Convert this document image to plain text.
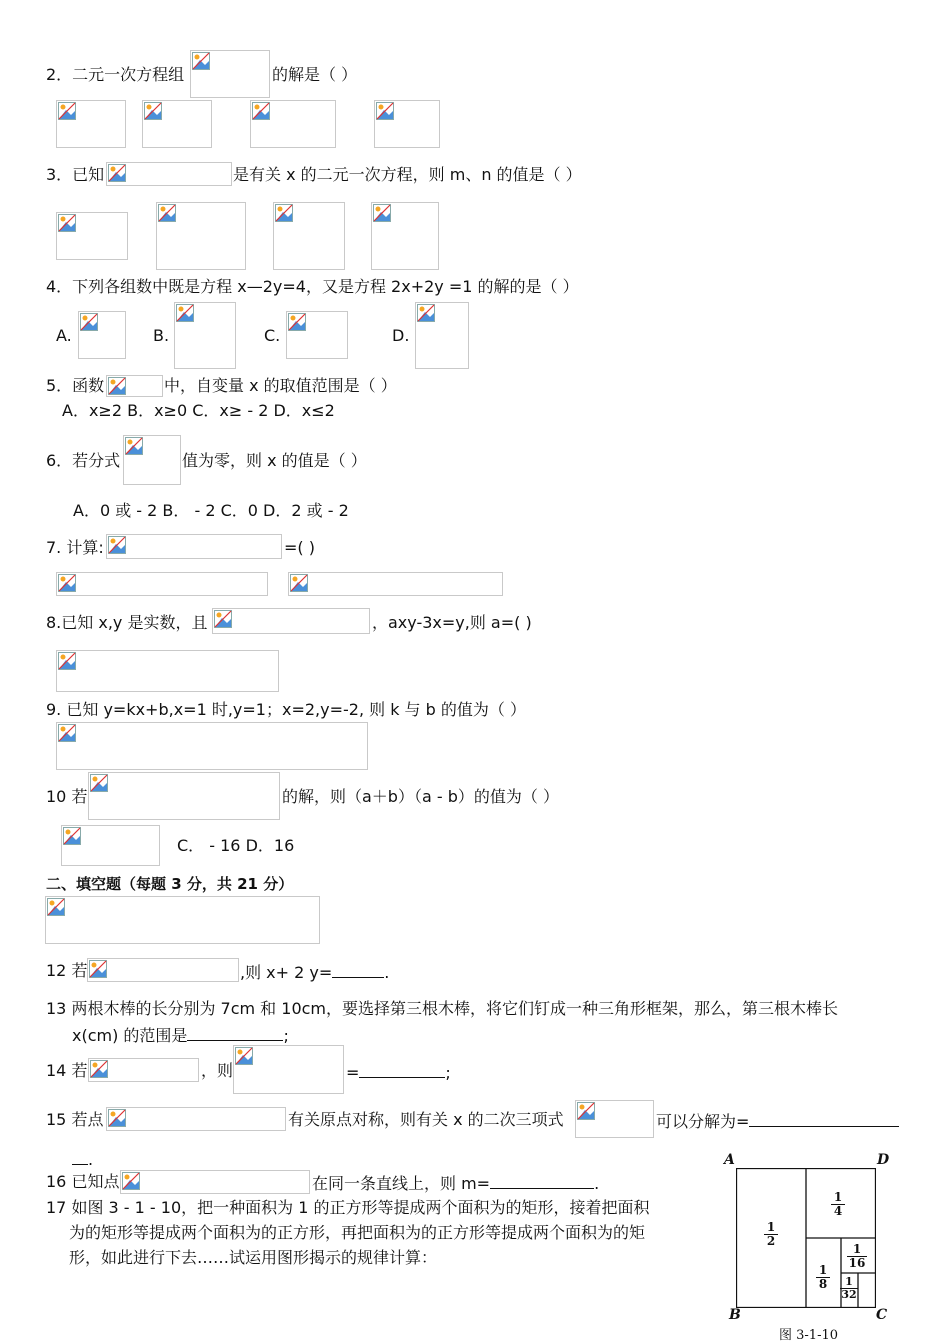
2．二元一次方程组	的解是（ ）
3．已知	是有关 x 的二元一次方程，则 m、n 的值是（ ）
4．下列各组数中既是方程 x—2y=4，又是方程 2x+2y =1 的解的是（ ）
A.	B.	C.	D.
5．函数	中，自变量 x 的取值范围是（ ）
A．x≥2 B．x≥0 C．x≥ - 2 D．x≤2
6．若分式	值为零，则 x 的值是（ ）
A．0 或 - 2 B． - 2 C．0 D．2 或 - 2
7. 计算:	=( )
8.已知 x,y 是实数，且	，axy-3x=y,则 a=( )
9. 已知 y=kx+b,x=1 时,y=1；x=2,y=-2, 则 k 与 b 的值为（ ）
10 若	的解，则（a＋b）（a - b）的值为（ ）
C． - 16 D．16
二、填空题（每题 3 分，共 21 分）
12 若	,则 x+ 2 y=	.
13 两根木棒的长分别为 7cm 和 10cm，要选择第三根木棒，将它们钉成一种三角形框架，那么，第三根木棒长
x(cm) 的范围是	;
14 若	，则	=	;
15 若点	有关原点对称，则有关 x 的二次三项式	可以分解为=
.
16 已知点	在同一条直线上，则 m=	.
17 如图 3 - 1 - 10，把一种面积为 1 的正方形等提成两个面积为的矩形，接着把面积
为的矩形等提成两个面积为的正方形，再把面积为的正方形等提成两个面积为的矩
形，如此进行下去……试运用图形揭示的规律计算：
A	D
B	C
$\frac{1}{2}$
$\frac{1}{4}$
$\frac{1}{8}$
$\frac{1}{16}$
$\frac{1}{32}$
图 3-1-10
